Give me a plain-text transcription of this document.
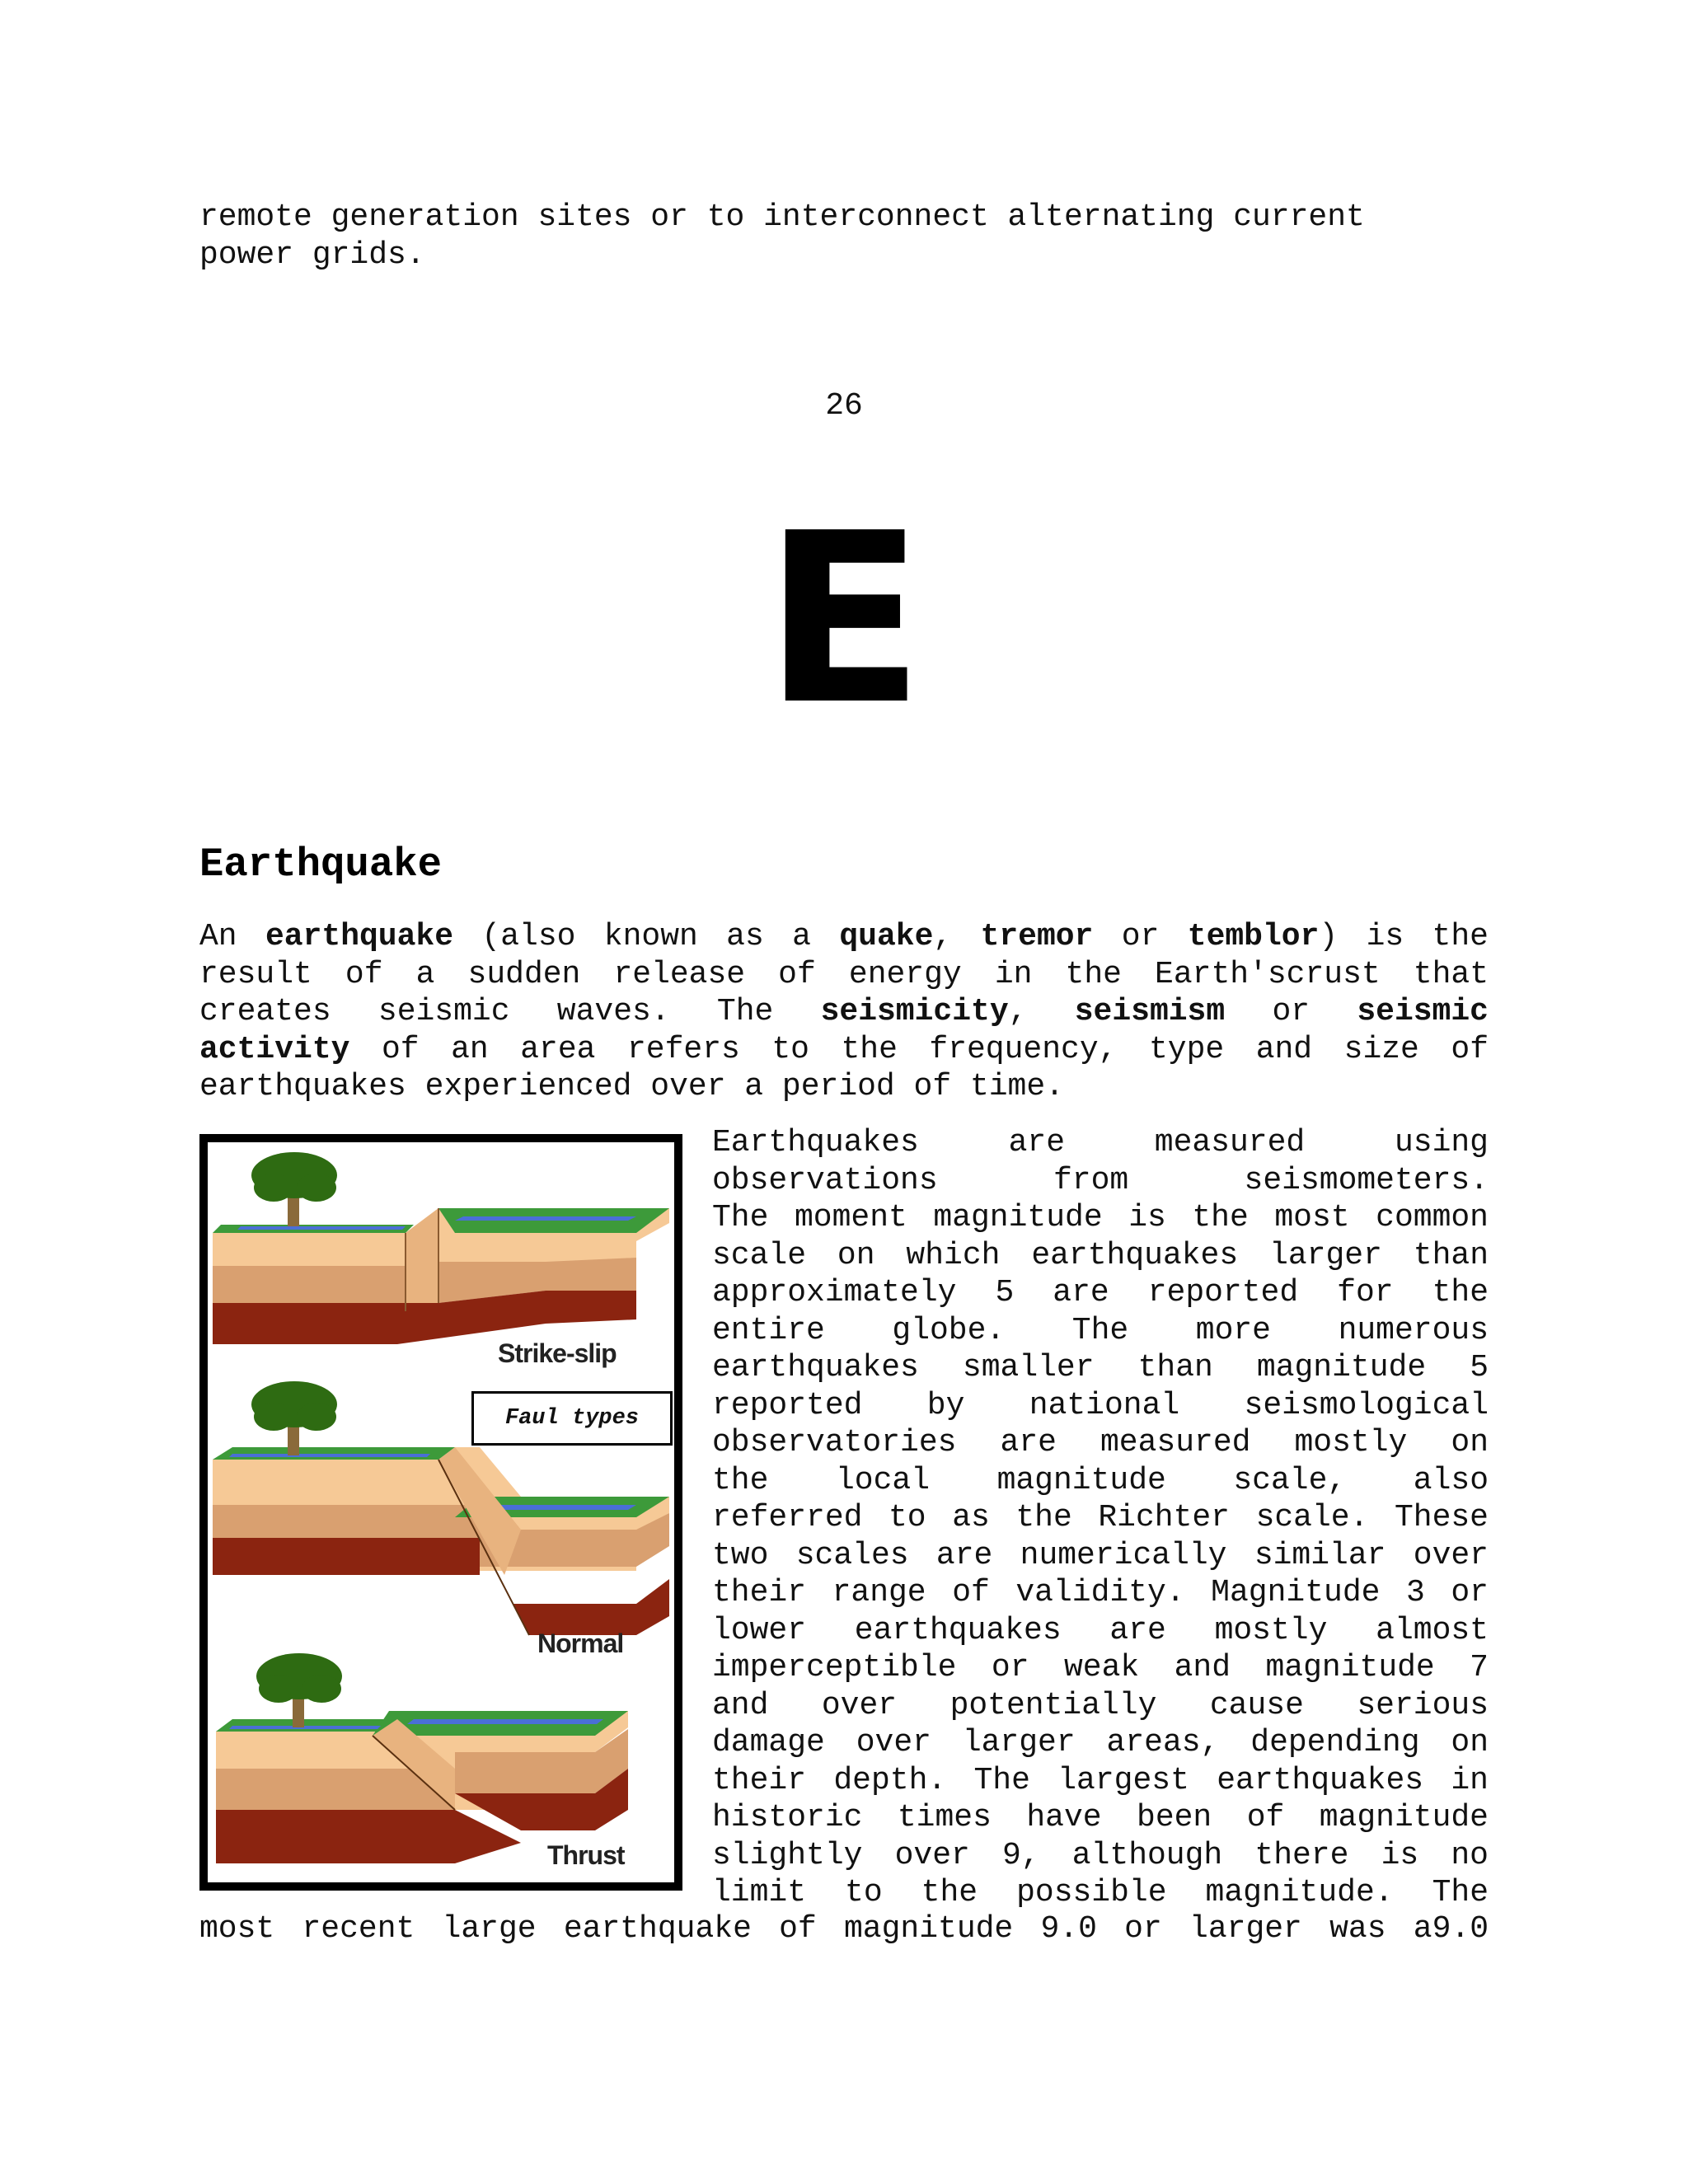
remote generation sites or to interconnect alternating current
power grids.
26
E
Earthquake
An earthquake (also known as a quake, tremor or temblor) is the
result of a sudden release of energy in the Earth'scrust that
creates seismic waves. The seismicity, seismism or seismic
activity of an area refers to the frequency, type and size of
earthquakes experienced over a period of time.
Strike-slip
Normal
Thrust
Faul types
Earthquakes are measured using
observations from seismometers.
The moment magnitude is the most common
scale on which earthquakes larger than
approximately 5 are reported for the
entire globe. The more numerous
earthquakes smaller than magnitude 5
reported by national seismological
observatories are measured mostly on
the local magnitude scale, also
referred to as the Richter scale. These
two scales are numerically similar over
their range of validity. Magnitude 3 or
lower earthquakes are mostly almost
imperceptible or weak and magnitude 7
and over potentially cause serious
damage over larger areas, depending on
their depth. The largest earthquakes in
historic times have been of magnitude
slightly over 9, although there is no
limit to the possible magnitude. The
most recent large earthquake of magnitude 9.0 or larger was a9.0
